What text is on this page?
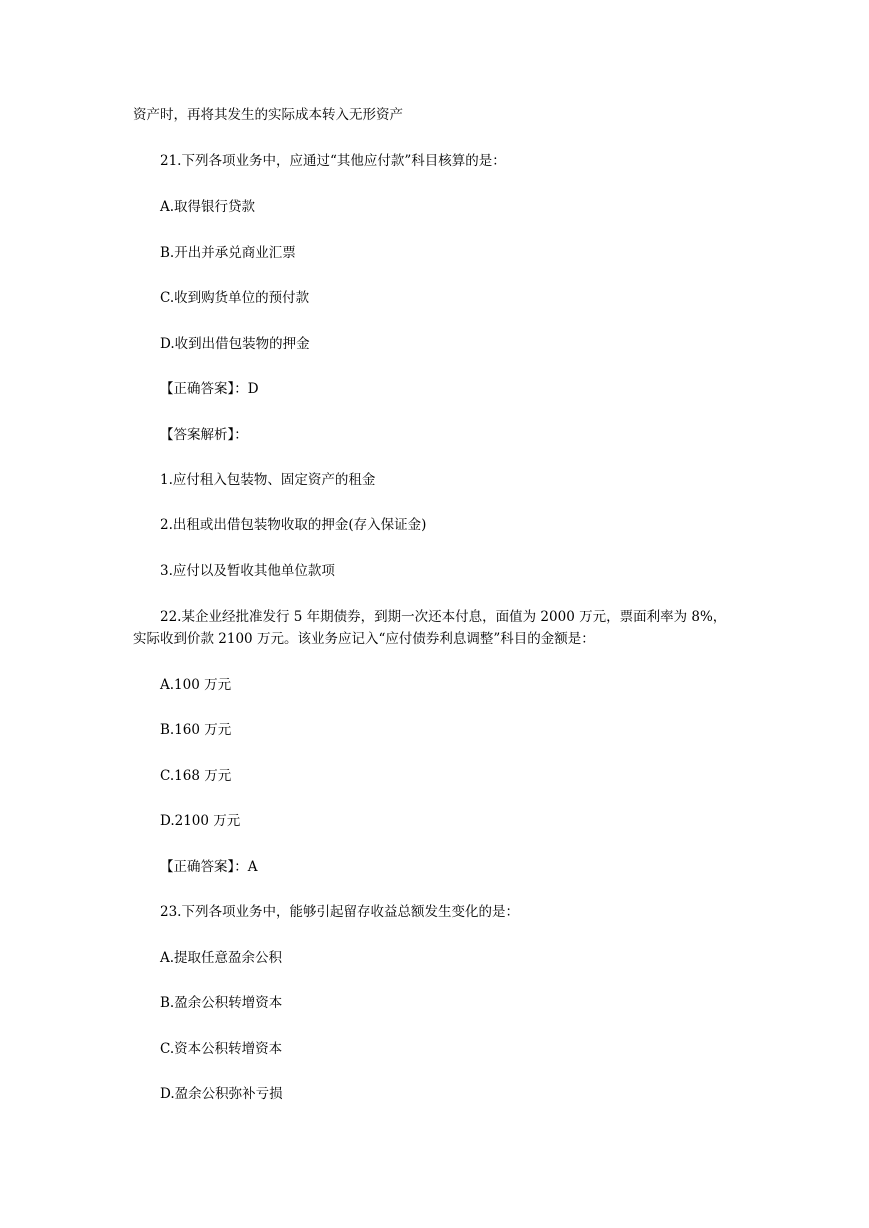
资产时，再将其发生的实际成本转入无形资产

21.下列各项业务中，应通过“其他应付款”科目核算的是：

A.取得银行贷款

B.开出并承兑商业汇票

C.收到购货单位的预付款

D.收到出借包装物的押金

【正确答案】：D

【答案解析】：

1.应付租入包装物、固定资产的租金

2.出租或出借包装物收取的押金(存入保证金)

3.应付以及暂收其他单位款项

22.某企业经批准发行 5 年期债券，到期一次还本付息，面值为 2000 万元，票面利率为 8%，实际收到价款 2100 万元。该业务应记入“应付债券利息调整”科目的金额是：

A.100 万元

B.160 万元

C.168 万元

D.2100 万元

【正确答案】：A

23.下列各项业务中，能够引起留存收益总额发生变化的是：

A.提取任意盈余公积

B.盈余公积转增资本

C.资本公积转增资本

D.盈余公积弥补亏损
